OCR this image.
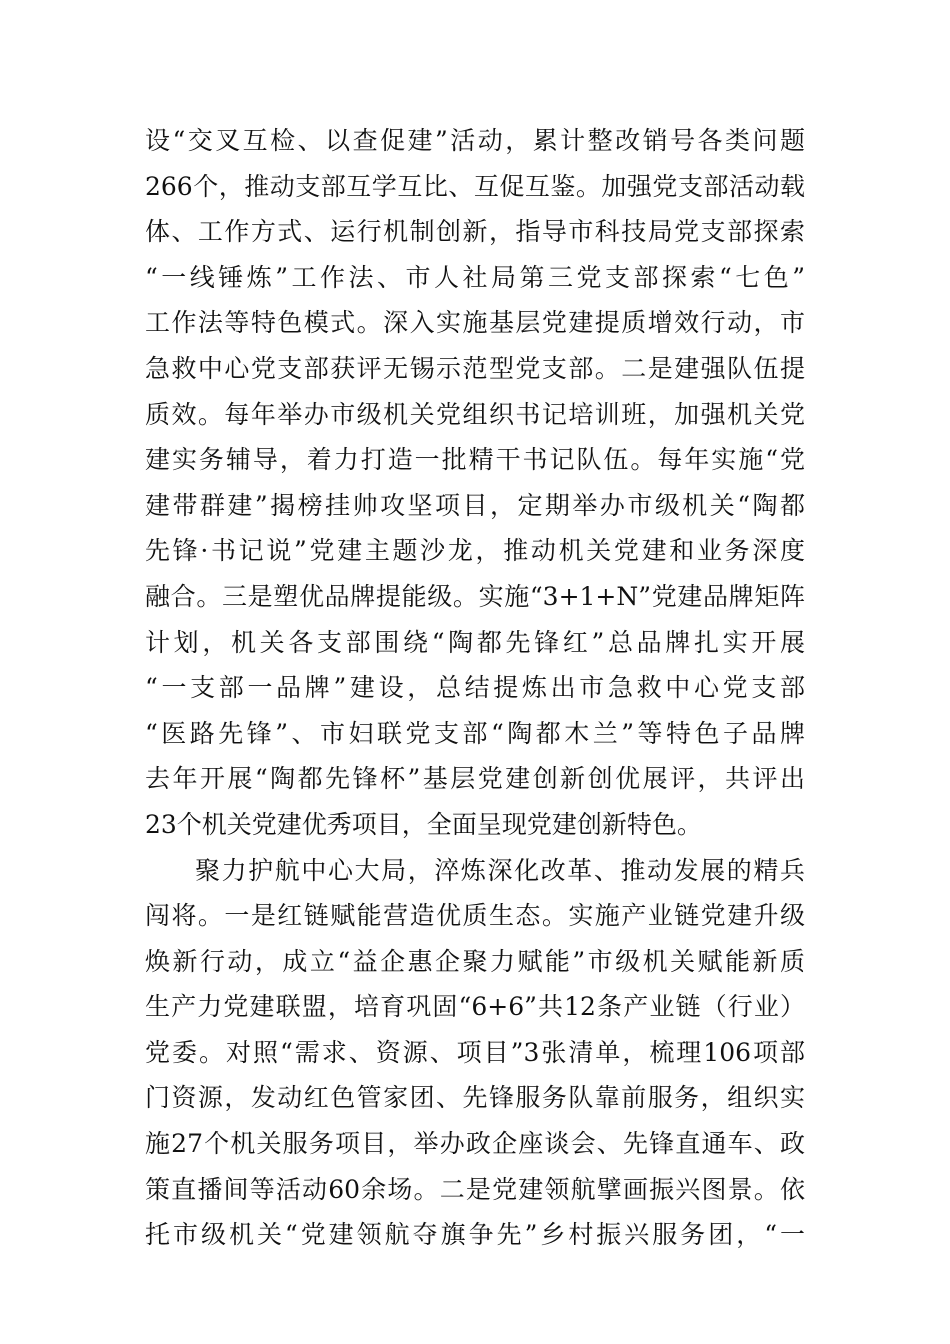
设“交叉互检、以查促建”活动，累计整改销号各类问题
266个，推动支部互学互比、互促互鉴。加强党支部活动载
体、工作方式、运行机制创新，指导市科技局党支部探索
“一线锤炼”工作法、市人社局第三党支部探索“七色”
工作法等特色模式。深入实施基层党建提质增效行动，市
急救中心党支部获评无锡示范型党支部。二是建强队伍提
质效。每年举办市级机关党组织书记培训班，加强机关党
建实务辅导，着力打造一批精干书记队伍。每年实施“党
建带群建”揭榜挂帅攻坚项目，定期举办市级机关“陶都
先锋·书记说”党建主题沙龙，推动机关党建和业务深度
融合。三是塑优品牌提能级。实施“3+1+N”党建品牌矩阵
计划，机关各支部围绕“陶都先锋红”总品牌扎实开展
“一支部一品牌”建设，总结提炼出市急救中心党支部
“医路先锋”、市妇联党支部“陶都木兰”等特色子品牌
去年开展“陶都先锋杯”基层党建创新创优展评，共评出
23个机关党建优秀项目，全面呈现党建创新特色。
聚力护航中心大局，淬炼深化改革、推动发展的精兵
闯将。一是红链赋能营造优质生态。实施产业链党建升级
焕新行动，成立“益企惠企聚力赋能”市级机关赋能新质
生产力党建联盟，培育巩固“6+6”共12条产业链（行业）
党委。对照“需求、资源、项目”3张清单，梳理106项部
门资源，发动红色管家团、先锋服务队靠前服务，组织实
施27个机关服务项目，举办政企座谈会、先锋直通车、政
策直播间等活动60余场。二是党建领航擘画振兴图景。依
托市级机关“党建领航夺旗争先”乡村振兴服务团，“一
